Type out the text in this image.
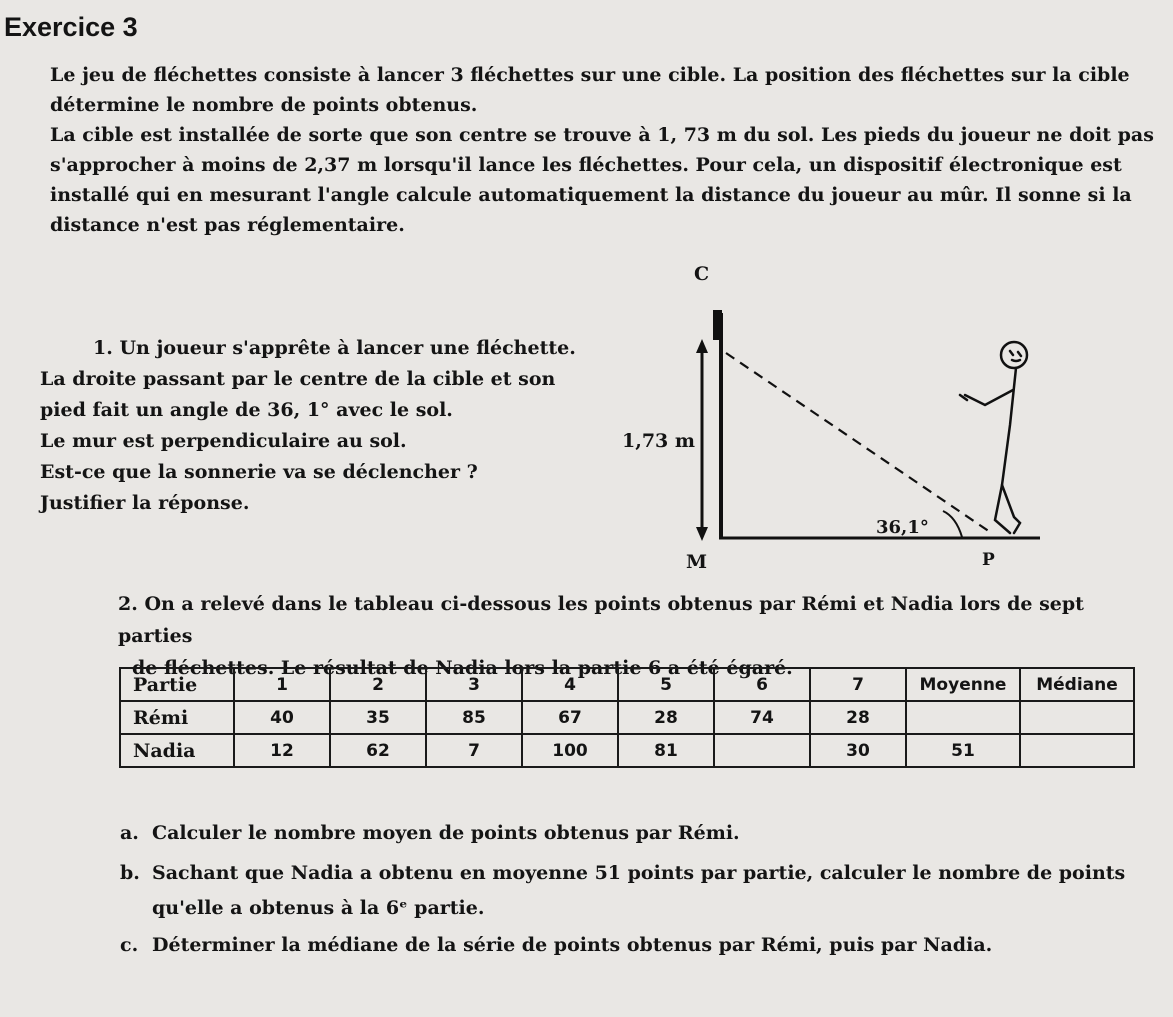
Exercice 3

Le jeu de fléchettes consiste à lancer 3 fléchettes sur une cible. La position des fléchettes sur la cible détermine le nombre de points obtenus.

La cible est installée de sorte que son centre se trouve à 1, 73 m du sol. Les pieds du joueur ne doit pas s'approcher à moins de 2,37 m lorsqu'il lance les fléchettes. Pour cela, un dispositif électronique est installé qui en mesurant l'angle calcule automatiquement la distance du joueur au mûr. Il sonne si la distance n'est pas réglementaire.

1. Un joueur s'apprête à lancer une fléchette.

La droite passant par le centre de la cible et son

pied fait un angle de 36, 1° avec le sol.

Le mur est perpendiculaire au sol.

Est-ce que la sonnerie va se déclencher ?

Justifier la réponse.

C
1,73 m
36,1°
M	P

2. On a relevé dans le tableau ci-dessous les points obtenus par Rémi et Nadia lors de sept parties

de fléchettes. Le résultat de Nadia lors la partie 6 a été égaré.

Partie	1	2	3	4	5	6	7	Moyenne	Médiane
Rémi	40	35	85	67	28	74	28		
Nadia	12	62	7	100	81		30	51	
a. Calculer le nombre moyen de points obtenus par Rémi.
b. Sachant que Nadia a obtenu en moyenne 51 points par partie, calculer le nombre de points
qu'elle a obtenus à la 6ᵉ partie.
c. Déterminer la médiane de la série de points obtenus par Rémi, puis par Nadia.
